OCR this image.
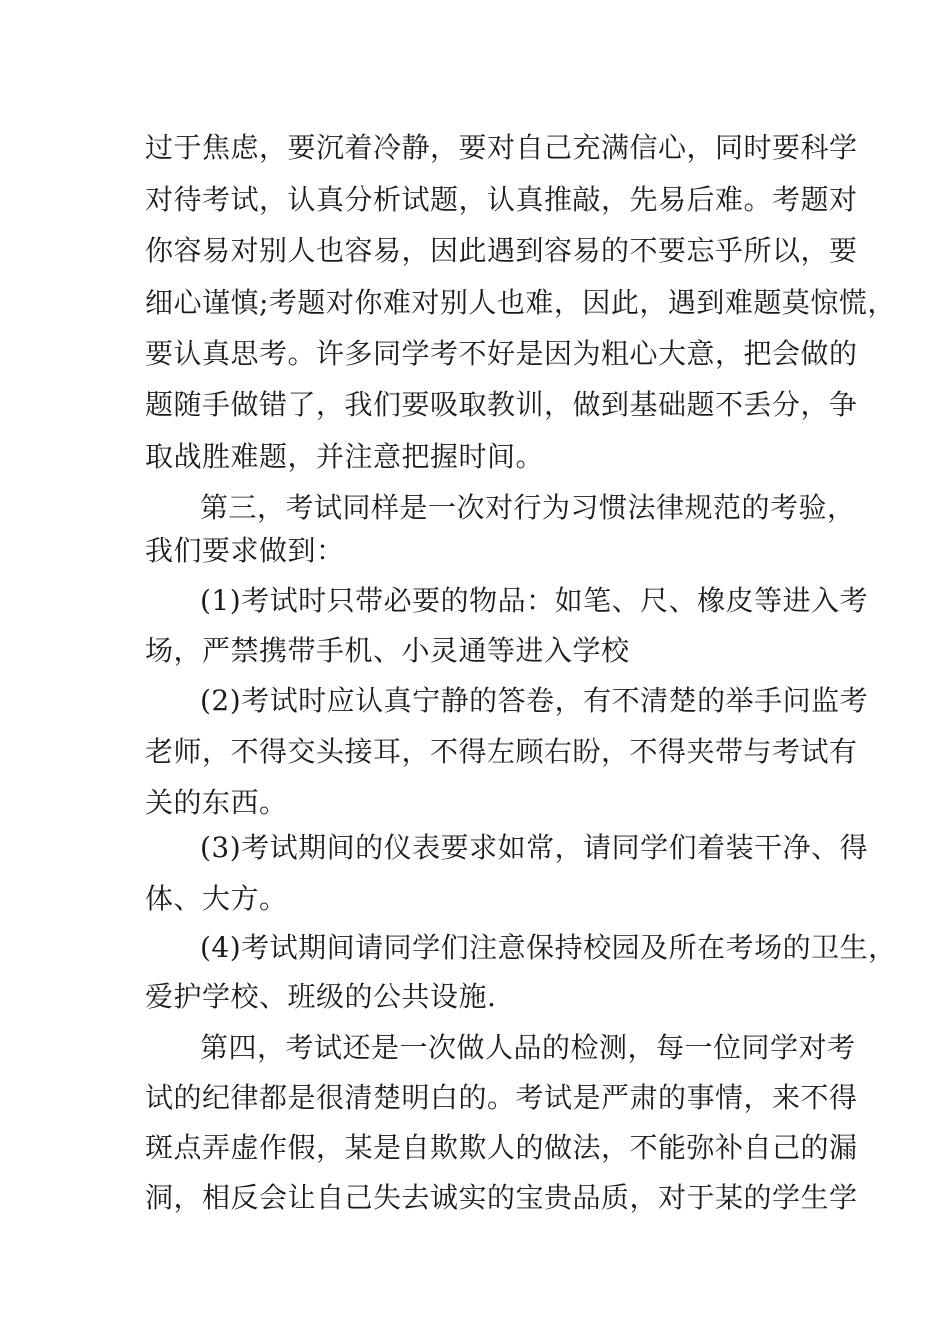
过于焦虑，要沉着冷静，要对自己充满信心，同时要科学
对待考试，认真分析试题，认真推敲，先易后难。考题对
你容易对别人也容易，因此遇到容易的不要忘乎所以，要
细心谨慎;考题对你难对别人也难，因此，遇到难题莫惊慌，
要认真思考。许多同学考不好是因为粗心大意，把会做的
题随手做错了，我们要吸取教训，做到基础题不丢分，争
取战胜难题，并注意把握时间。
第三，考试同样是一次对行为习惯法律规范的考验，
我们要求做到：
(1)考试时只带必要的物品：如笔、尺、橡皮等进入考
场，严禁携带手机、小灵通等进入学校
(2)考试时应认真宁静的答卷，有不清楚的举手问监考
老师，不得交头接耳，不得左顾右盼，不得夹带与考试有
关的东西。
(3)考试期间的仪表要求如常，请同学们着装干净、得
体、大方。
(4)考试期间请同学们注意保持校园及所在考场的卫生，
爱护学校、班级的公共设施.
第四，考试还是一次做人品的检测，每一位同学对考
试的纪律都是很清楚明白的。考试是严肃的事情，来不得
斑点弄虚作假，某是自欺欺人的做法，不能弥补自己的漏
洞，相反会让自己失去诚实的宝贵品质，对于某的学生学
